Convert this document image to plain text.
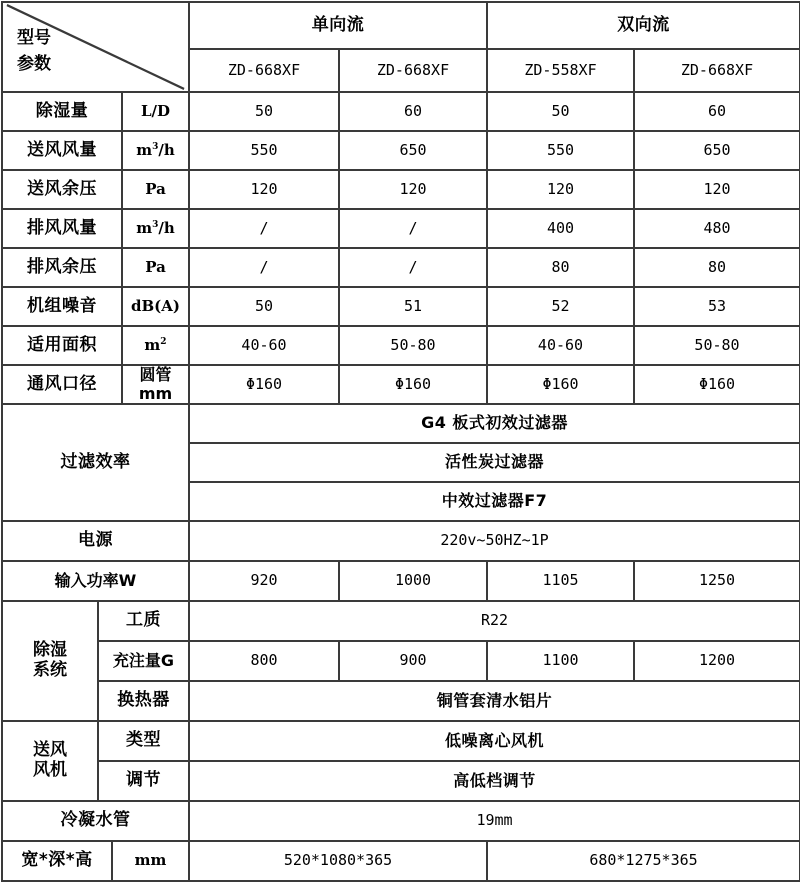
型号
参数				单向流		双向流	
				ZD-668XF	ZD-668XF	ZD-558XF	ZD-668XF
除湿量			L/D	50	60	50	60
送风风量			$m^3/h$	550	650	550	650
送风余压			Pa	120	120	120	120
排风风量			$m^3/h$	/	/	400	480
排风余压			Pa	/	/	80	80
机组噪音			dB(A)	50	51	52	53
适用面积			$m^2$	40-60	50-80	40-60	50-80
通风口径			圆管mm	Φ160	Φ160	Φ160	Φ160
过滤效率				G4 板式初效过滤器			
				活性炭过滤器			
				中效过滤器F7			
电源				220v~50HZ~1P			
输入功率W				920	1000	1105	1250
除湿
系统	工质			R22			
	充注量G			800	900	1100	1200
	换热器			铜管套清水铝片			
送风
风机	类型			低噪离心风机			
	调节			高低档调节			
冷凝水管				19mm			
宽*深*高		mm		520*1080*365		680*1275*365	
